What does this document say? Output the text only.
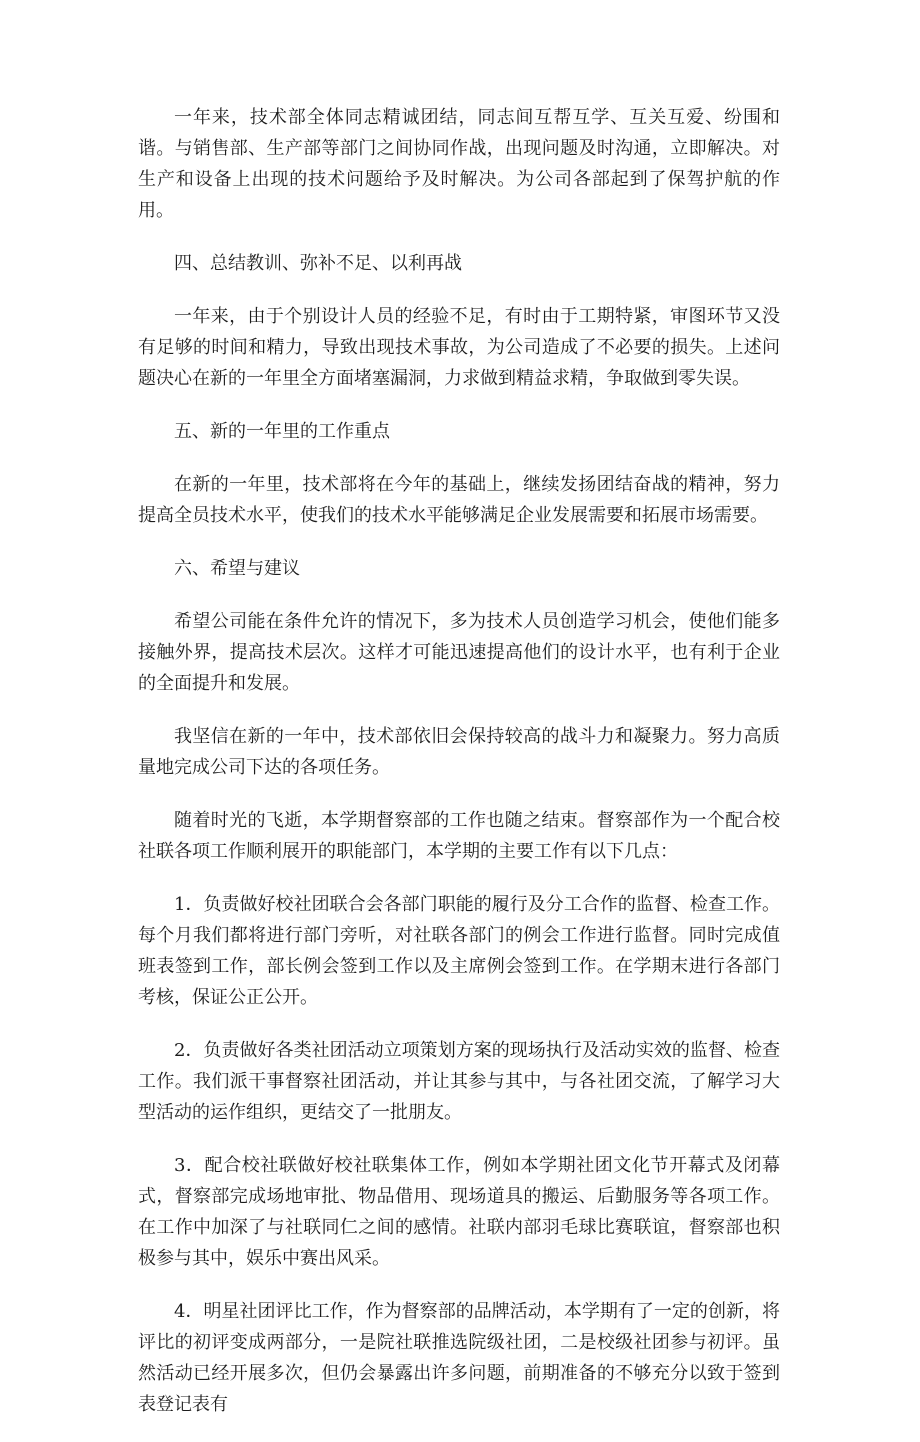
一年来，技术部全体同志精诚团结，同志间互帮互学、互关互爱、纷围和谐。与销售部、生产部等部门之间协同作战，出现问题及时沟通，立即解决。对生产和设备上出现的技术问题给予及时解决。为公司各部起到了保驾护航的作用。

四、总结教训、弥补不足、以利再战

一年来，由于个别设计人员的经验不足，有时由于工期特紧，审图环节又没有足够的时间和精力，导致出现技术事故，为公司造成了不必要的损失。上述问题决心在新的一年里全方面堵塞漏洞，力求做到精益求精，争取做到零失误。

五、新的一年里的工作重点

在新的一年里，技术部将在今年的基础上，继续发扬团结奋战的精神，努力提高全员技术水平，使我们的技术水平能够满足企业发展需要和拓展市场需要。

六、希望与建议

希望公司能在条件允许的情况下，多为技术人员创造学习机会，使他们能多接触外界，提高技术层次。这样才可能迅速提高他们的设计水平，也有利于企业的全面提升和发展。

我坚信在新的一年中，技术部依旧会保持较高的战斗力和凝聚力。努力高质量地完成公司下达的各项任务。

随着时光的飞逝，本学期督察部的工作也随之结束。督察部作为一个配合校社联各项工作顺利展开的职能部门，本学期的主要工作有以下几点：

1．负责做好校社团联合会各部门职能的履行及分工合作的监督、检查工作。每个月我们都将进行部门旁听，对社联各部门的例会工作进行监督。同时完成值班表签到工作，部长例会签到工作以及主席例会签到工作。在学期末进行各部门考核，保证公正公开。

2．负责做好各类社团活动立项策划方案的现场执行及活动实效的监督、检查工作。我们派干事督察社团活动，并让其参与其中，与各社团交流，了解学习大型活动的运作组织，更结交了一批朋友。

3．配合校社联做好校社联集体工作，例如本学期社团文化节开幕式及闭幕式，督察部完成场地审批、物品借用、现场道具的搬运、后勤服务等各项工作。在工作中加深了与社联同仁之间的感情。社联内部羽毛球比赛联谊，督察部也积极参与其中，娱乐中赛出风采。

4．明星社团评比工作，作为督察部的品牌活动，本学期有了一定的创新，将评比的初评变成两部分，一是院社联推选院级社团，二是校级社团参与初评。虽然活动已经开展多次，但仍会暴露出许多问题，前期准备的不够充分以致于签到表登记表有
